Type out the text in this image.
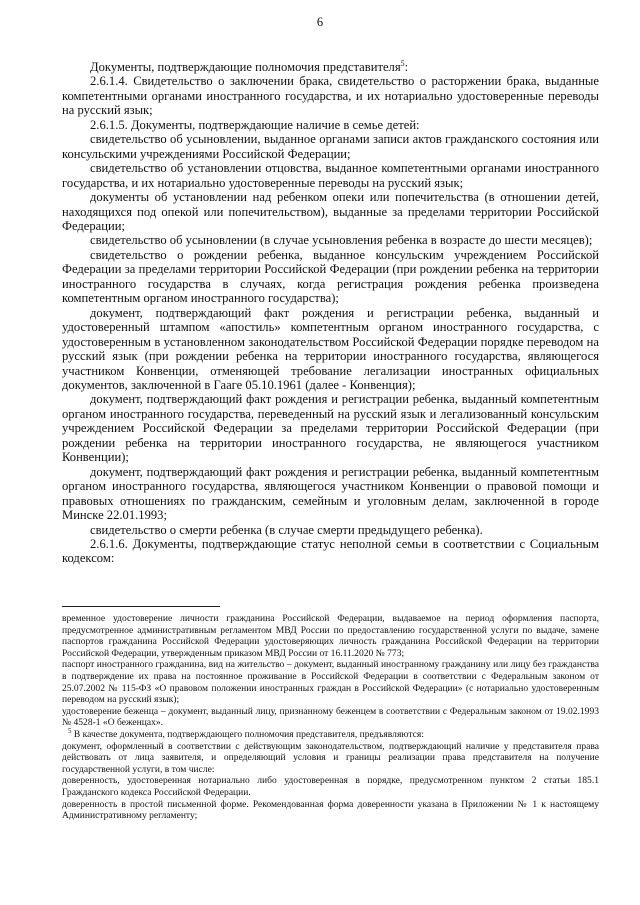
6

Документы, подтверждающие полномочия представителя$^5$:

2.6.1.4. Свидетельство о заключении брака, свидетельство о расторжении брака, выданные компетентными органами иностранного государства, и их нотариально удостоверенные переводы на русский язык;

2.6.1.5. Документы, подтверждающие наличие в семье детей:

свидетельство об усыновлении, выданное органами записи актов гражданского состояния или консульскими учреждениями Российской Федерации;

свидетельство об установлении отцовства, выданное компетентными органами иностранного государства, и их нотариально удостоверенные переводы на русский язык;

документы об установлении над ребенком опеки или попечительства (в отношении детей, находящихся под опекой или попечительством), выданные за пределами территории Российской Федерации;

свидетельство об усыновлении (в случае усыновления ребенка в возрасте до шести месяцев);

свидетельство о рождении ребенка, выданное консульским учреждением Российской Федерации за пределами территории Российской Федерации (при рождении ребенка на территории иностранного государства в случаях, когда регистрация рождения ребенка произведена компетентным органом иностранного государства);

документ, подтверждающий факт рождения и регистрации ребенка, выданный и удостоверенный штампом «апостиль» компетентным органом иностранного государства, с удостоверенным в установленном законодательством Российской Федерации порядке переводом на русский язык (при рождении ребенка на территории иностранного государства, являющегося участником Конвенции, отменяющей требование легализации иностранных официальных документов, заключенной в Гааге 05.10.1961 (далее - Конвенция);

документ, подтверждающий факт рождения и регистрации ребенка, выданный компетентным органом иностранного государства, переведенный на русский язык и легализованный консульским учреждением Российской Федерации за пределами территории Российской Федерации (при рождении ребенка на территории иностранного государства, не являющегося участником Конвенции);

документ, подтверждающий факт рождения и регистрации ребенка, выданный компетентным органом иностранного государства, являющегося участником Конвенции о правовой помощи и правовых отношениях по гражданским, семейным и уголовным делам, заключенной в городе Минске 22.01.1993;

свидетельство о смерти ребенка (в случае смерти предыдущего ребенка).

2.6.1.6. Документы, подтверждающие статус неполной семьи в соответствии с Социальным кодексом:

временное удостоверение личности гражданина Российской Федерации, выдаваемое на период оформления паспорта, предусмотренное административным регламентом МВД России по предоставлению государственной услуги по выдаче, замене паспортов гражданина Российской Федерации удостоверяющих личность гражданина Российской Федерации на территории Российской Федерации, утвержденным приказом МВД России от 16.11.2020 № 773;

паспорт иностранного гражданина, вид на жительство – документ, выданный иностранному гражданину или лицу без гражданства в подтверждение их права на постоянное проживание в Российской Федерации в соответствии с Федеральным законом от 25.07.2002 № 115-ФЗ «О правовом положении иностранных граждан в Российской Федерации» (с нотариально удостоверенным переводом на русский язык);

удостоверение беженца – документ, выданный лицу, признанному беженцем в соответствии с Федеральным законом от 19.02.1993 № 4528-1 «О беженцах».

$^5$ В качестве документа, подтверждающего полномочия представителя, предъявляются:

документ, оформленный в соответствии с действующим законодательством, подтверждающий наличие у представителя права действовать от лица заявителя, и определяющий условия и границы реализации права представителя на получение государственной услуги, в том числе:

доверенность, удостоверенная нотариально либо удостоверенная в порядке, предусмотренном пунктом 2 статьи 185.1 Гражданского кодекса Российской Федерации.

доверенность в простой письменной форме. Рекомендованная форма доверенности указана в Приложении № 1 к настоящему Административному регламенту;
